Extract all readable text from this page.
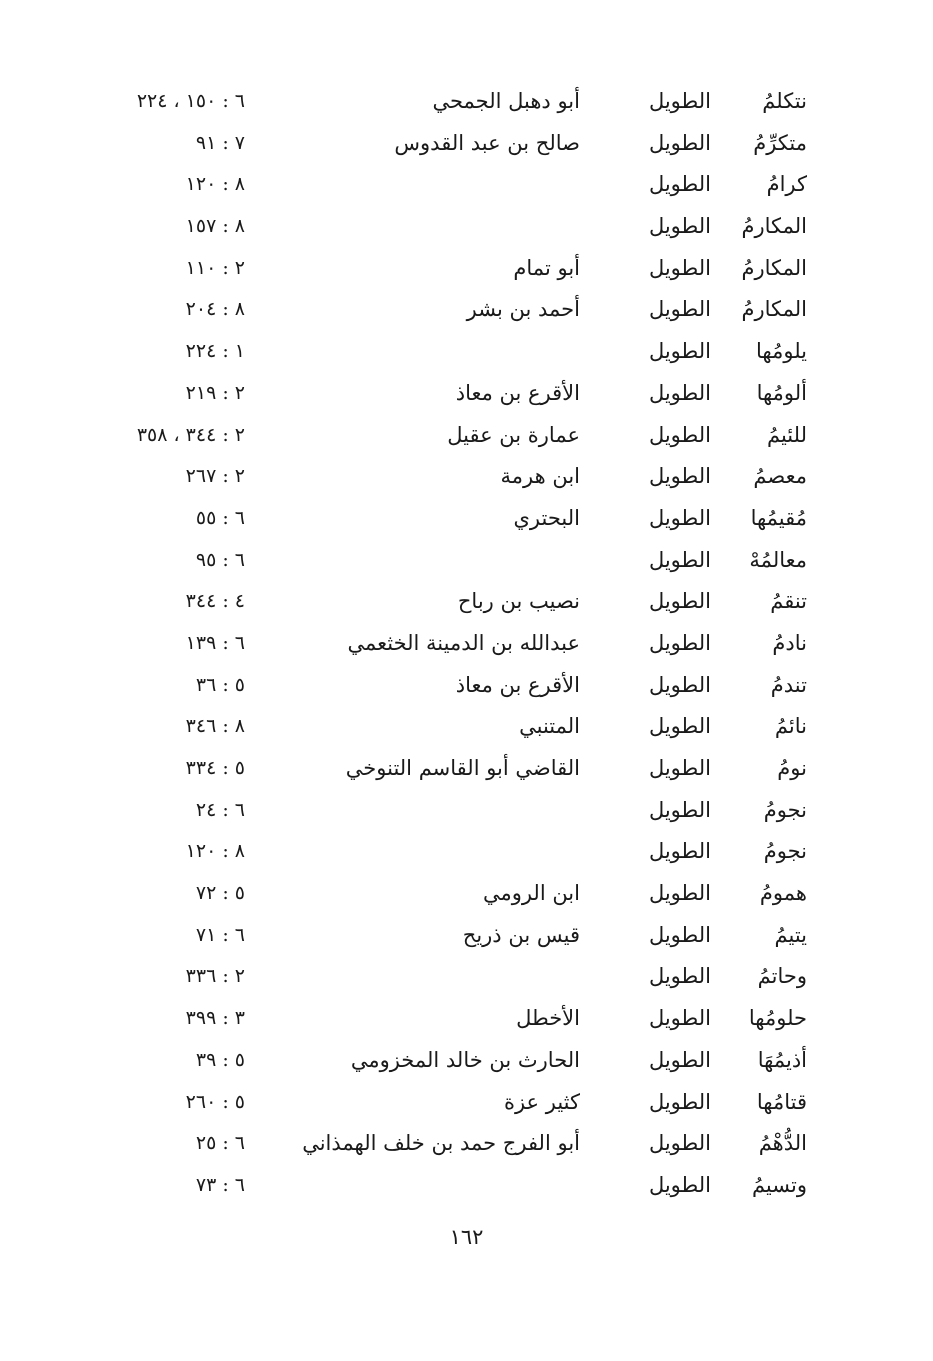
نتكلمُ
الطويل
أبو دهبل الجمحي
٦ : ١٥٠ ، ٢٢٤
متكرِّمُ
الطويل
صالح بن عبد القدوس
٧ : ٩١
كرامُ
الطويل
٨ : ١٢٠
المكارمُ
الطويل
٨ : ١٥٧
المكارمُ
الطويل
أبو تمام
٢ : ١١٠
المكارمُ
الطويل
أحمد بن بشر
٨ : ٢٠٤
يلومُها
الطويل
١ : ٢٢٤
ألومُها
الطويل
الأقرع بن معاذ
٢ : ٢١٩
للئيمُ
الطويل
عمارة بن عقيل
٢ : ٣٤٤ ، ٣٥٨
معصمُ
الطويل
ابن هرمة
٢ : ٢٦٧
مُقيمُها
الطويل
البحتري
٦ : ٥٥
معالمُهْ
الطويل
٦ : ٩٥
تنقمُ
الطويل
نصيب بن رباح
٤ : ٣٤٤
نادمُ
الطويل
عبدالله بن الدمينة الخثعمي
٦ : ١٣٩
تندمُ
الطويل
الأقرع بن معاذ
٥ : ٣٦
نائمُ
الطويل
المتنبي
٨ : ٣٤٦
نومُ
الطويل
القاضي أبو القاسم التنوخي
٥ : ٣٣٤
نجومُ
الطويل
٦ : ٢٤
نجومُ
الطويل
٨ : ١٢٠
همومُ
الطويل
ابن الرومي
٥ : ٧٢
يتيمُ
الطويل
قيس بن ذريح
٦ : ٧١
وحاتمُ
الطويل
٢ : ٣٣٦
حلومُها
الطويل
الأخطل
٣ : ٣٩٩
أذيمُهَا
الطويل
الحارث بن خالد المخزومي
٥ : ٣٩
قتامُها
الطويل
كثير عزة
٥ : ٢٦٠
الدُّهْمُ
الطويل
أبو الفرج حمد بن خلف الهمذاني
٦ : ٢٥
وتسيمُ
الطويل
٦ : ٧٣
١٦٢
